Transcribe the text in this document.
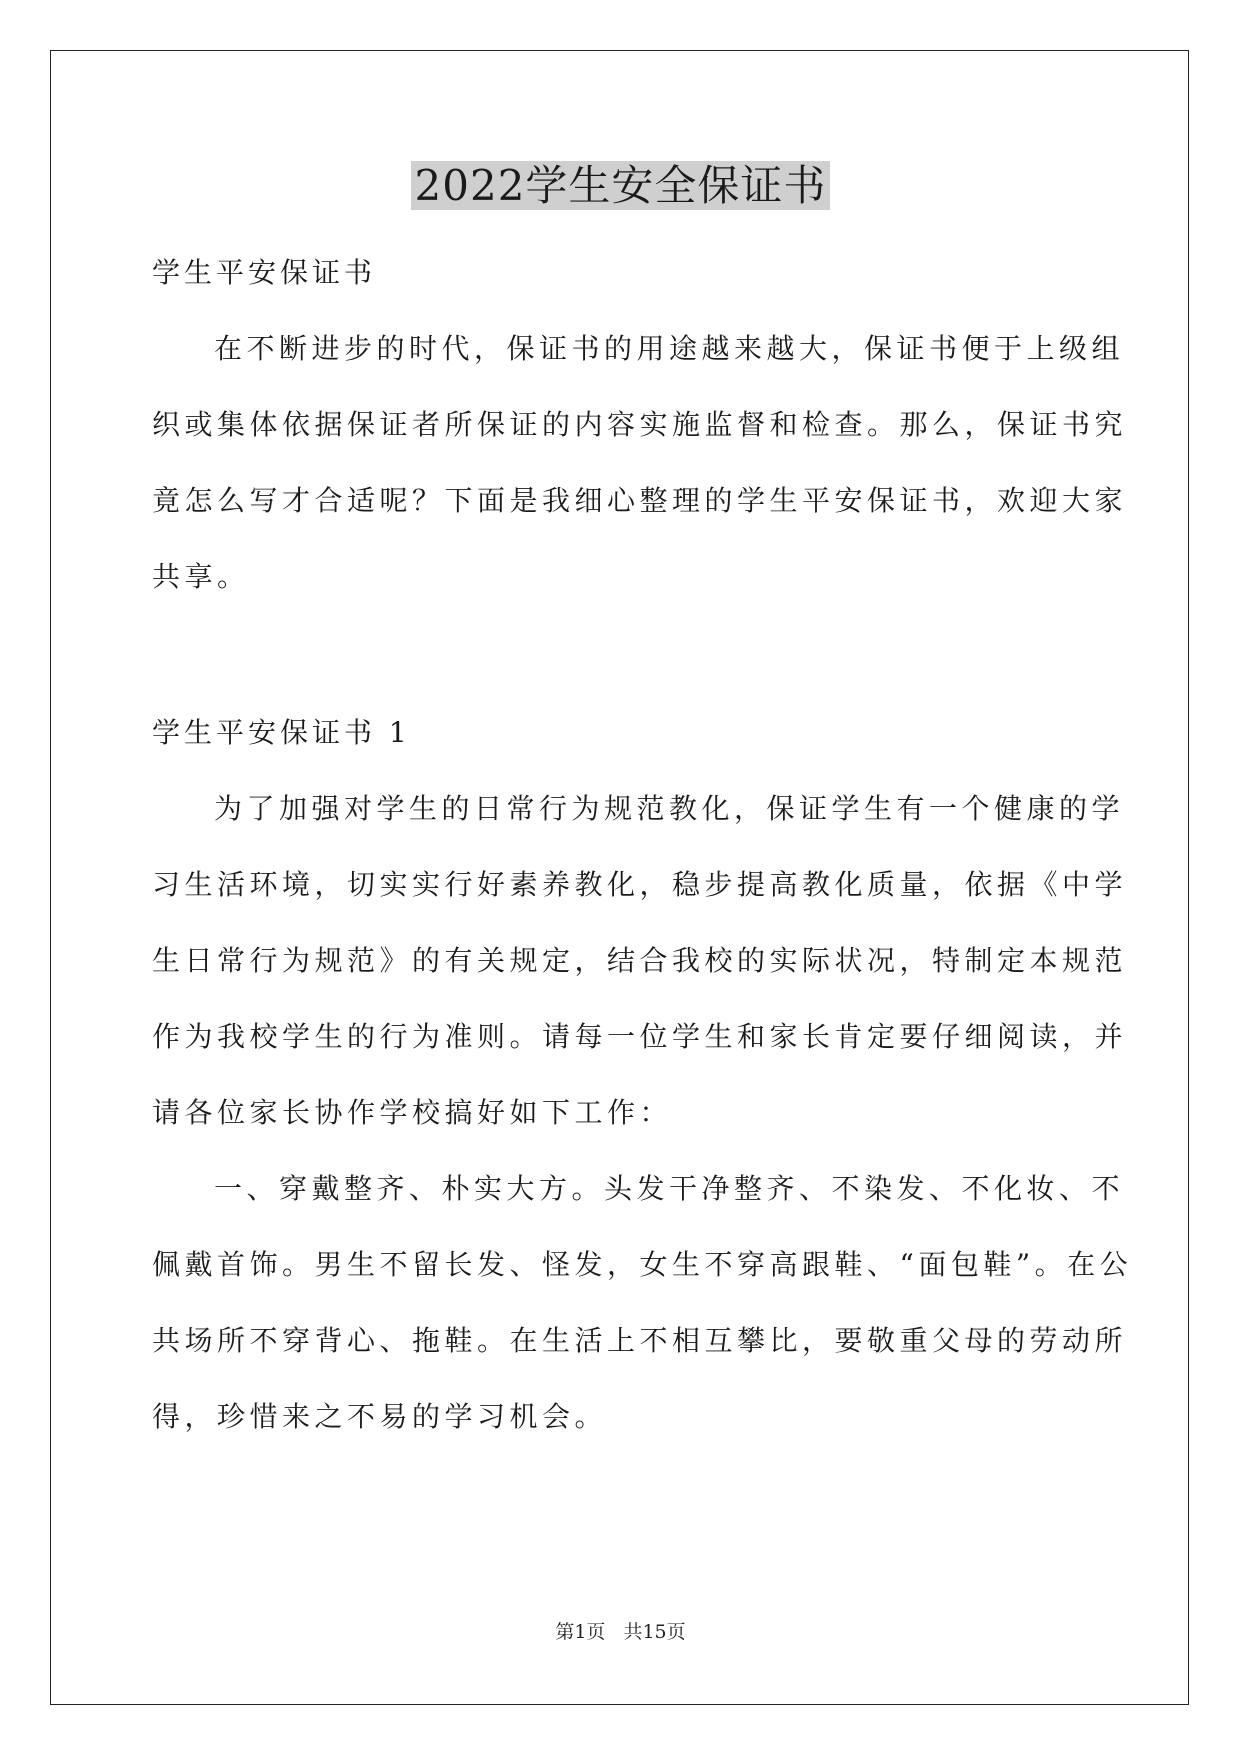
2022学生安全保证书
学生平安保证书
在不断进步的时代，保证书的用途越来越大，保证书便于上级组
织或集体依据保证者所保证的内容实施监督和检查。那么，保证书究
竟怎么写才合适呢？下面是我细心整理的学生平安保证书，欢迎大家
共享。
学生平安保证书 1
为了加强对学生的日常行为规范教化，保证学生有一个健康的学
习生活环境，切实实行好素养教化，稳步提高教化质量，依据《中学
生日常行为规范》的有关规定，结合我校的实际状况，特制定本规范
作为我校学生的行为准则。请每一位学生和家长肯定要仔细阅读，并
请各位家长协作学校搞好如下工作：
一、穿戴整齐、朴实大方。头发干净整齐、不染发、不化妆、不
佩戴首饰。男生不留长发、怪发，女生不穿高跟鞋、“面包鞋”。在公
共场所不穿背心、拖鞋。在生活上不相互攀比，要敬重父母的劳动所
得，珍惜来之不易的学习机会。
第1页 共15页
